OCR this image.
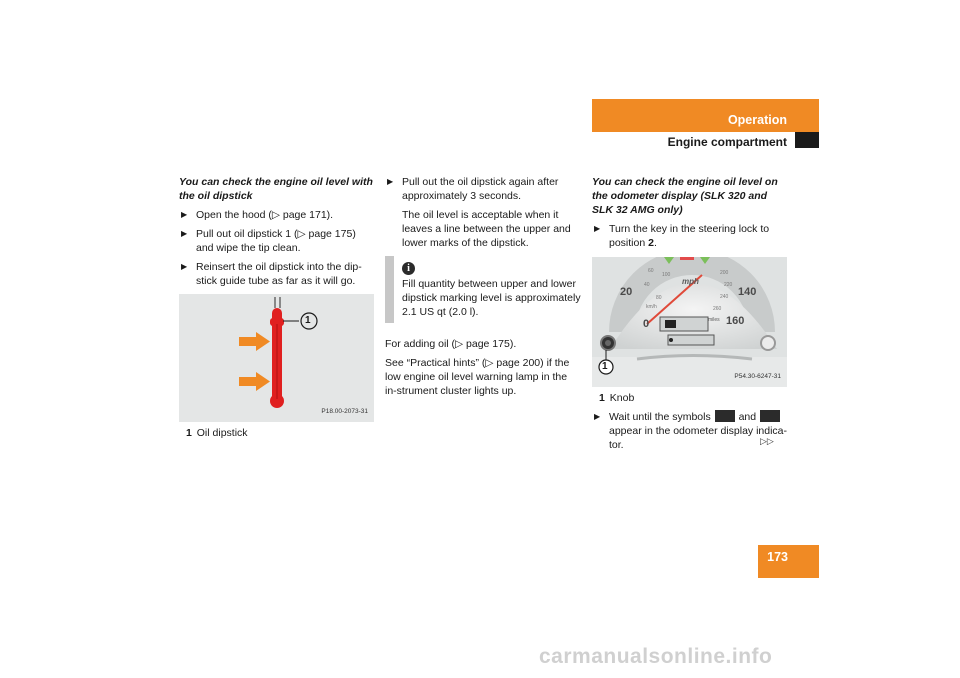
Operation
Engine compartment
You can check the engine oil level with the oil dipstick
▶ Open the hood (▷ page 171).
▶ Pull out oil dipstick 1 (▷ page 175) and wipe the tip clean.
▶ Reinsert the oil dipstick into the dip-stick guide tube as far as it will go.
1
P18.00-2073-31
1 Oil dipstick
▶ Pull out the oil dipstick again after approximately 3 seconds.
The oil level is acceptable when it leaves a line between the upper and lower marks of the dipstick.
i
Fill quantity between upper and lower dipstick marking level is approximately 2.1 US qt (2.0 l).
For adding oil (▷ page 175).
See “Practical hints” (▷ page 200) if the low engine oil level warning lamp in the in-strument cluster lights up.
You can check the engine oil level on the odometer display (SLK 320 and SLK 32 AMG only)
▶ Turn the key in the steering lock to position 2.
20	140
160
0
mph
miles
km/h
40
60
80
100	200
220
240
260
1
P54.30-6247-31
1 Knob
▶ Wait until the symbols  and  appear in the odometer display indica-tor.	▷▷
173
carmanualsonline.info
